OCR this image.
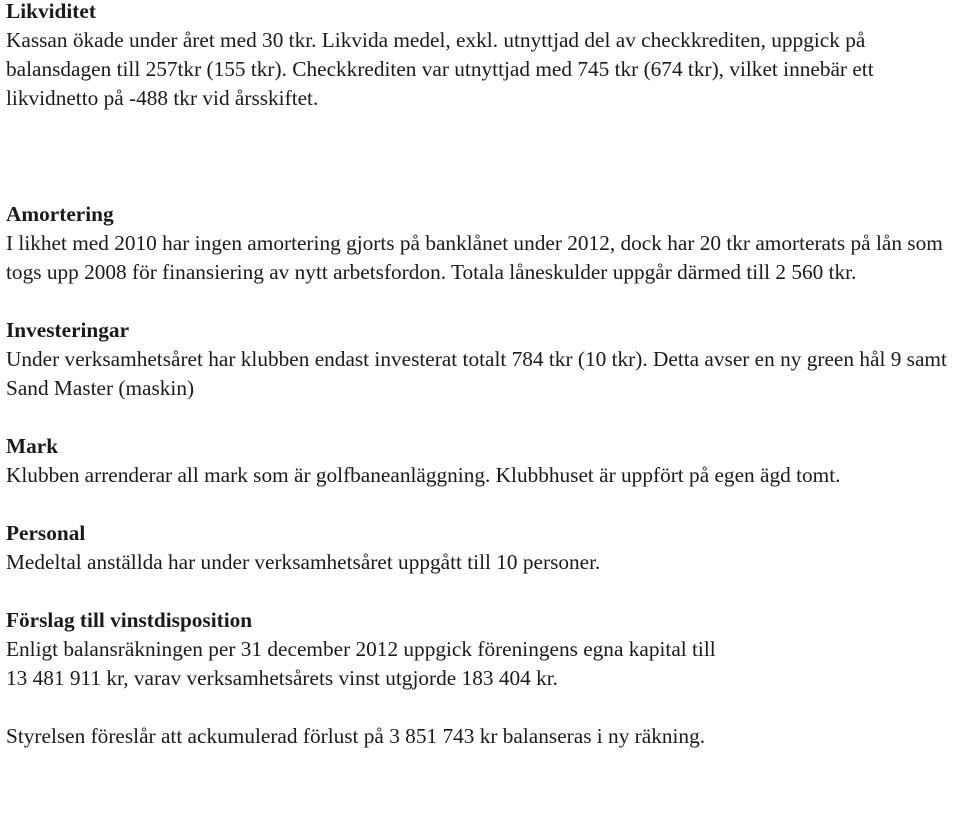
Likviditet
Kassan ökade under året med 30 tkr. Likvida medel, exkl. utnyttjad del av checkkrediten, uppgick på balansdagen till 257tkr (155 tkr). Checkkrediten var utnyttjad med 745 tkr (674 tkr), vilket innebär ett likvidnetto på -488 tkr vid årsskiftet.
Amortering
I likhet med 2010 har ingen amortering gjorts på banklånet under 2012, dock har 20 tkr amorterats på lån som togs upp 2008 för finansiering av nytt arbetsfordon. Totala låneskulder uppgår därmed till 2 560 tkr.
Investeringar
Under verksamhetsåret har klubben endast investerat totalt 784 tkr (10 tkr). Detta avser en ny green hål 9 samt Sand Master (maskin)
Mark
Klubben arrenderar all mark som är golfbaneanläggning. Klubbhuset är uppfört på egen ägd tomt.
Personal
Medeltal anställda har under verksamhetsåret uppgått till 10 personer.
Förslag till vinstdisposition
Enligt balansräkningen per 31 december 2012 uppgick föreningens egna kapital till
13 481 911 kr, varav verksamhetsårets vinst utgjorde 183 404 kr.
Styrelsen föreslår att ackumulerad förlust på 3 851 743 kr balanseras i ny räkning.
